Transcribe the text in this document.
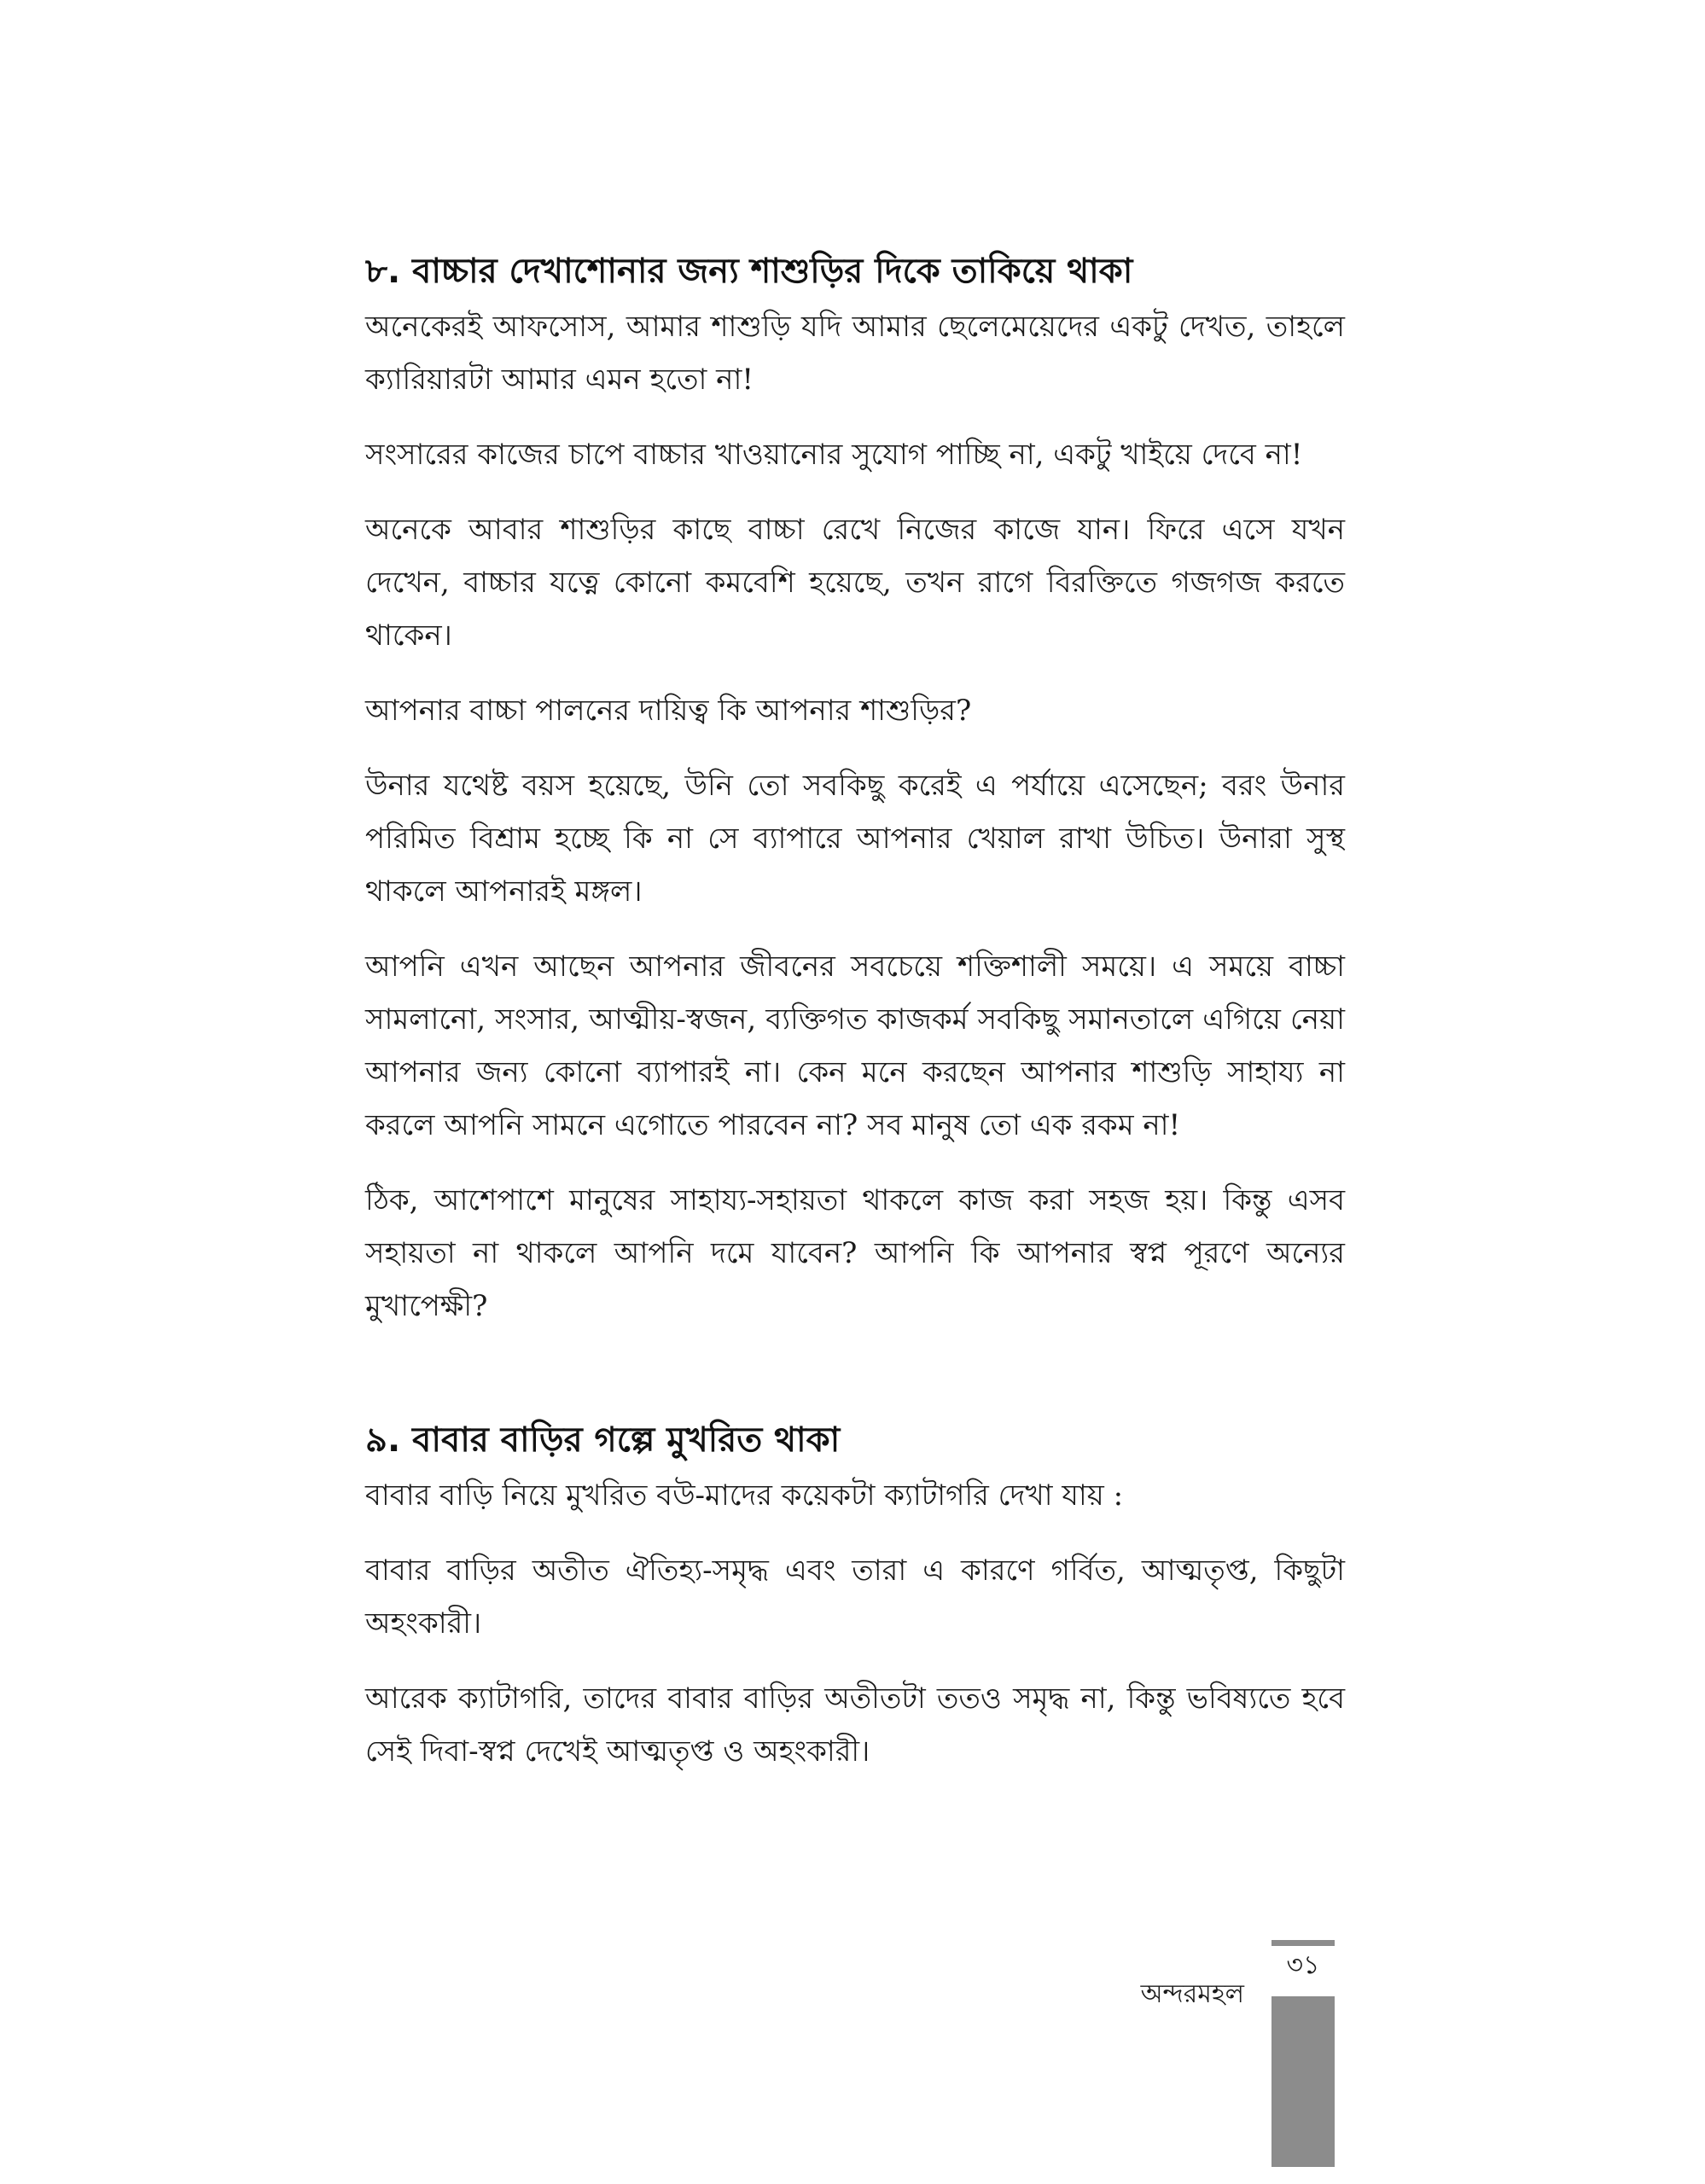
৮. বাচ্চার দেখাশোনার জন্য শাশুড়ির দিকে তাকিয়ে থাকা

অনেকেরই আফসোস, আমার শাশুড়ি যদি আমার ছেলেমেয়েদের একটু দেখত, তাহলে ক্যারিয়ারটা আমার এমন হতো না!

সংসারের কাজের চাপে বাচ্চার খাওয়ানোর সুযোগ পাচ্ছি না, একটু খাইয়ে দেবে না!

অনেকে আবার শাশুড়ির কাছে বাচ্চা রেখে নিজের কাজে যান। ফিরে এসে যখন দেখেন, বাচ্চার যত্নে কোনো কমবেশি হয়েছে, তখন রাগে বিরক্তিতে গজগজ করতে থাকেন।

আপনার বাচ্চা পালনের দায়িত্ব কি আপনার শাশুড়ির?

উনার যথেষ্ট বয়স হয়েছে, উনি তো সবকিছু করেই এ পর্যায়ে এসেছেন; বরং উনার পরিমিত বিশ্রাম হচ্ছে কি না সে ব্যাপারে আপনার খেয়াল রাখা উচিত। উনারা সুস্থ থাকলে আপনারই মঙ্গল।

আপনি এখন আছেন আপনার জীবনের সবচেয়ে শক্তিশালী সময়ে। এ সময়ে বাচ্চা সামলানো, সংসার, আত্মীয়-স্বজন, ব্যক্তিগত কাজকর্ম সবকিছু সমানতালে এগিয়ে নেয়া আপনার জন্য কোনো ব্যাপারই না। কেন মনে করছেন আপনার শাশুড়ি সাহায্য না করলে আপনি সামনে এগোতে পারবেন না? সব মানুষ তো এক রকম না!

ঠিক, আশেপাশে মানুষের সাহায্য-সহায়তা থাকলে কাজ করা সহজ হয়। কিন্তু এসব সহায়তা না থাকলে আপনি দমে যাবেন? আপনি কি আপনার স্বপ্ন পূরণে অন্যের মুখাপেক্ষী?

৯. বাবার বাড়ির গল্পে মুখরিত থাকা

বাবার বাড়ি নিয়ে মুখরিত বউ-মাদের কয়েকটা ক্যাটাগরি দেখা যায় :

বাবার বাড়ির অতীত ঐতিহ্য-সমৃদ্ধ এবং তারা এ কারণে গর্বিত, আত্মতৃপ্ত, কিছুটা অহংকারী।

আরেক ক্যাটাগরি, তাদের বাবার বাড়ির অতীতটা ততও সমৃদ্ধ না, কিন্তু ভবিষ্যতে হবে সেই দিবা-স্বপ্ন দেখেই আত্মতৃপ্ত ও অহংকারী।

অন্দরমহল
৩১
